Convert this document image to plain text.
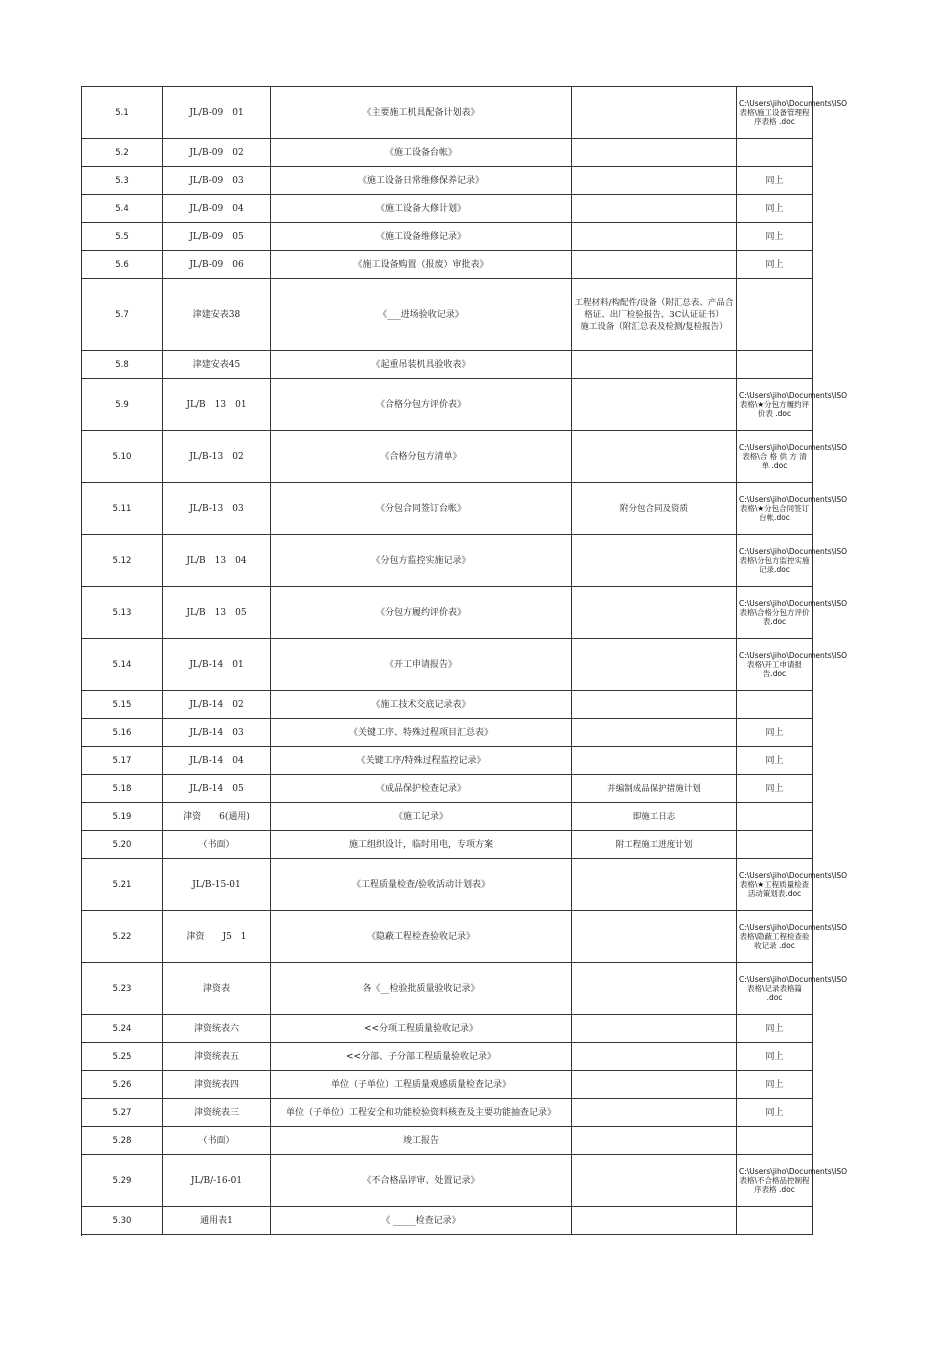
5.1	JL/B-09　01	《主要施工机具配备计划表》		C:\Users\jiho\Documents\ISO 表格\施工设备管理程序表格 .doc

5.2	JL/B-09　02	《施工设备台帐》		
5.3	JL/B-09　03	《施工设备日常维修保养记录》		同上
5.4	JL/B-09　04	《施工设备大修计划》		同上
5.5	JL/B-09　05	《施工设备维修记录》		同上
5.6	JL/B-09　06	《施工设备购置（报废）审批表》		同上
5.7	津建安表38	《___进场验收记录》	工程材料/构配件/设备（附汇总表、产品合格证、出厂检验报告、3C认证证书）
施工设备（附汇总表及检测/复检报告）	
5.8	津建安表45	《起重吊装机具验收表》		
5.9	JL/B　13　01	《合格分包方评价表》		C:\Users\jiho\Documents\ISO 表格\★分包方履约评价表 .doc

5.10	JL/B-13　02	《合格分包方清单》		C:\Users\jiho\Documents\ISO表格\合 格 供 方 清 单 .doc

5.11	JL/B-13　03	《分包合同签订台帐》	附分包合同及资质	C:\Users\jiho\Documents\ISO表格\★分包合同签订台帐.doc

5.12	JL/B　13　04	《分包方监控实施记录》		C:\Users\jiho\Documents\ISO表格\分包方监控实施记录.doc

5.13	JL/B　13　05	《分包方履约评价表》		C:\Users\jiho\Documents\ISO表格\合格分包方评价表.doc

5.14	JL/B-14　01	《开工申请报告》		C:\Users\jiho\Documents\ISO表格\开工申请报告.doc

5.15	JL/B-14　02	《施工技术交底记录表》		
5.16	JL/B-14　03	《关键工序、特殊过程项目汇总表》		同上
5.17	JL/B-14　04	《关键工序/特殊过程监控记录》		同上
5.18	JL/B-14　05	《成品保护检查记录》	并编制成品保护措施计划	同上
5.19	津资　　6(通用)	《施工记录》	即施工日志	
5.20	（书面）	施工组织设计，临时用电，专项方案	附工程施工进度计划	
5.21	JL/B-15-01	《工程质量检查/验收活动计划表》		C:\Users\jiho\Documents\ISO表格\★工程质量检查活动策划表.doc

5.22	津资　　J5　1	《隐蔽工程检查验收记录》		C:\Users\jiho\Documents\ISO 表格\隐蔽工程检查验收记录 .doc

5.23	津资表	各《__检验批质量验收记录》		C:\Users\jiho\Documents\ISO 表格\记录表格篇 .doc

5.24	津资统表六	<<分项工程质量验收记录》		同上
5.25	津资统表五	<<分部、子分部工程质量验收记录》		同上
5.26	津资统表四	单位（子单位）工程质量观感质量检查记录》		同上
5.27	津资统表三	单位（子单位）工程安全和功能检验资料核查及主要功能抽查记录》		同上
5.28	（书面）	竣工报告		
5.29	JL/B/-16-01	《不合格品评审、处置记录》		C:\Users\jiho\Documents\ISO表格\不合格品控制程序表格 .doc

5.30	通用表1	《 _____检查记录》		
